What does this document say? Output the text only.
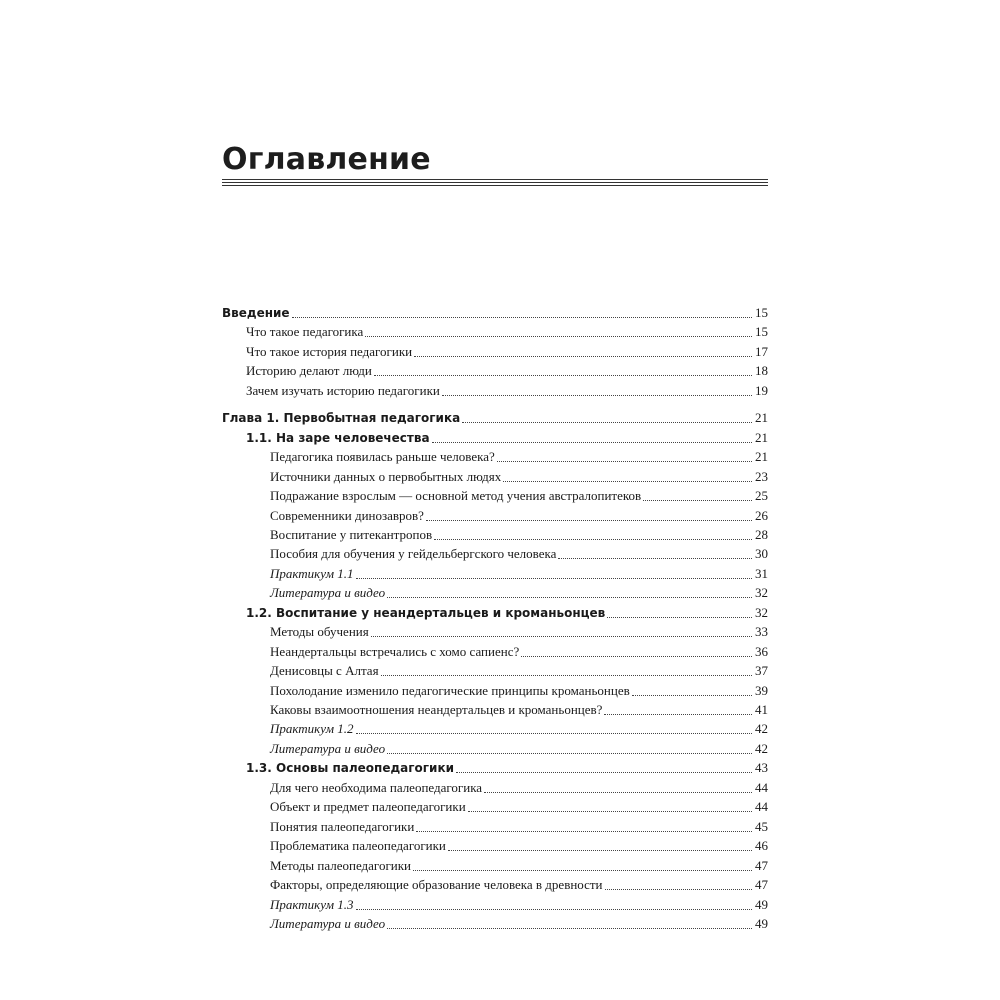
Оглавление
Введение	15
Что такое педагогика	15
Что такое история педагогики	17
Историю делают люди	18
Зачем изучать историю педагогики	19
Глава 1. Первобытная педагогика	21
1.1. На заре человечества	21
Педагогика появилась раньше человека?	21
Источники данных о первобытных людях	23
Подражание взрослым — основной метод учения австралопитеков	25
Современники динозавров?	26
Воспитание у питекантропов	28
Пособия для обучения у гейдельбергского человека	30
Практикум 1.1	31
Литература и видео	32
1.2. Воспитание у неандертальцев и кроманьонцев	32
Методы обучения	33
Неандертальцы встречались с хомо сапиенс?	36
Денисовцы с Алтая	37
Похолодание изменило педагогические принципы кроманьонцев	39
Каковы взаимоотношения неандертальцев и кроманьонцев?	41
Практикум 1.2	42
Литература и видео	42
1.3. Основы палеопедагогики	43
Для чего необходима палеопедагогика	44
Объект и предмет палеопедагогики	44
Понятия палеопедагогики	45
Проблематика палеопедагогики	46
Методы палеопедагогики	47
Факторы, определяющие образование человека в древности	47
Практикум 1.3	49
Литература и видео	49
